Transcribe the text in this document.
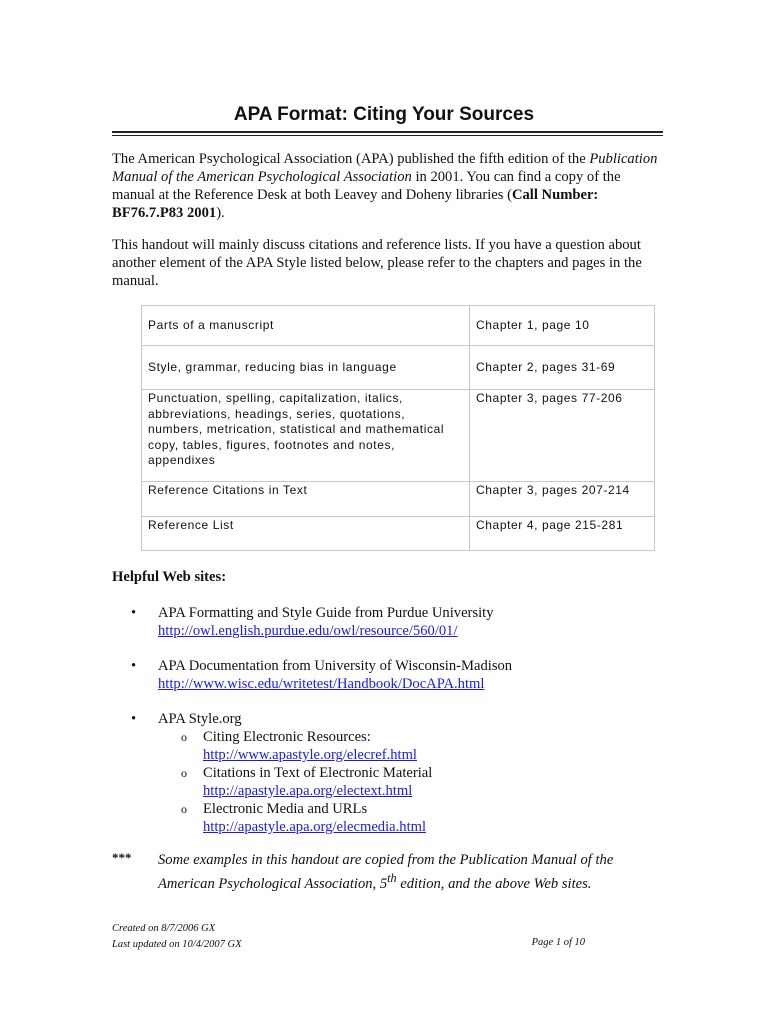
APA Format: Citing Your Sources

The American Psychological Association (APA) published the fifth edition of the Publication Manual of the American Psychological Association in 2001. You can find a copy of the manual at the Reference Desk at both Leavey and Doheny libraries (Call Number: BF76.7.P83 2001).

This handout will mainly discuss citations and reference lists. If you have a question about another element of the APA Style listed below, please refer to the chapters and pages in the manual.

Parts of a manuscript	Chapter 1, page 10
Style, grammar, reducing bias in language	Chapter 2, pages 31-69
Punctuation, spelling, capitalization, italics, abbreviations, headings, series, quotations, numbers, metrication, statistical and mathematical copy, tables, figures, footnotes and notes, appendixes	Chapter 3, pages 77-206
Reference Citations in Text	Chapter 3, pages 207-214
Reference List	Chapter 4, page 215-281

Helpful Web sites:

• APA Formatting and Style Guide from Purdue University
http://owl.english.purdue.edu/owl/resource/560/01/
• APA Documentation from University of Wisconsin-Madison
http://www.wisc.edu/writetest/Handbook/DocAPA.html
• APA Style.org
o Citing Electronic Resources:
http://www.apastyle.org/elecref.html
o Citations in Text of Electronic Material
http://apastyle.apa.org/electext.html
o Electronic Media and URLs
http://apastyle.apa.org/elecmedia.html
*** Some examples in this handout are copied from the Publication Manual of the American Psychological Association, 5th edition, and the above Web sites.

Created on 8/7/2006 GX
Last updated on 10/4/2007 GX	Page 1 of 10
